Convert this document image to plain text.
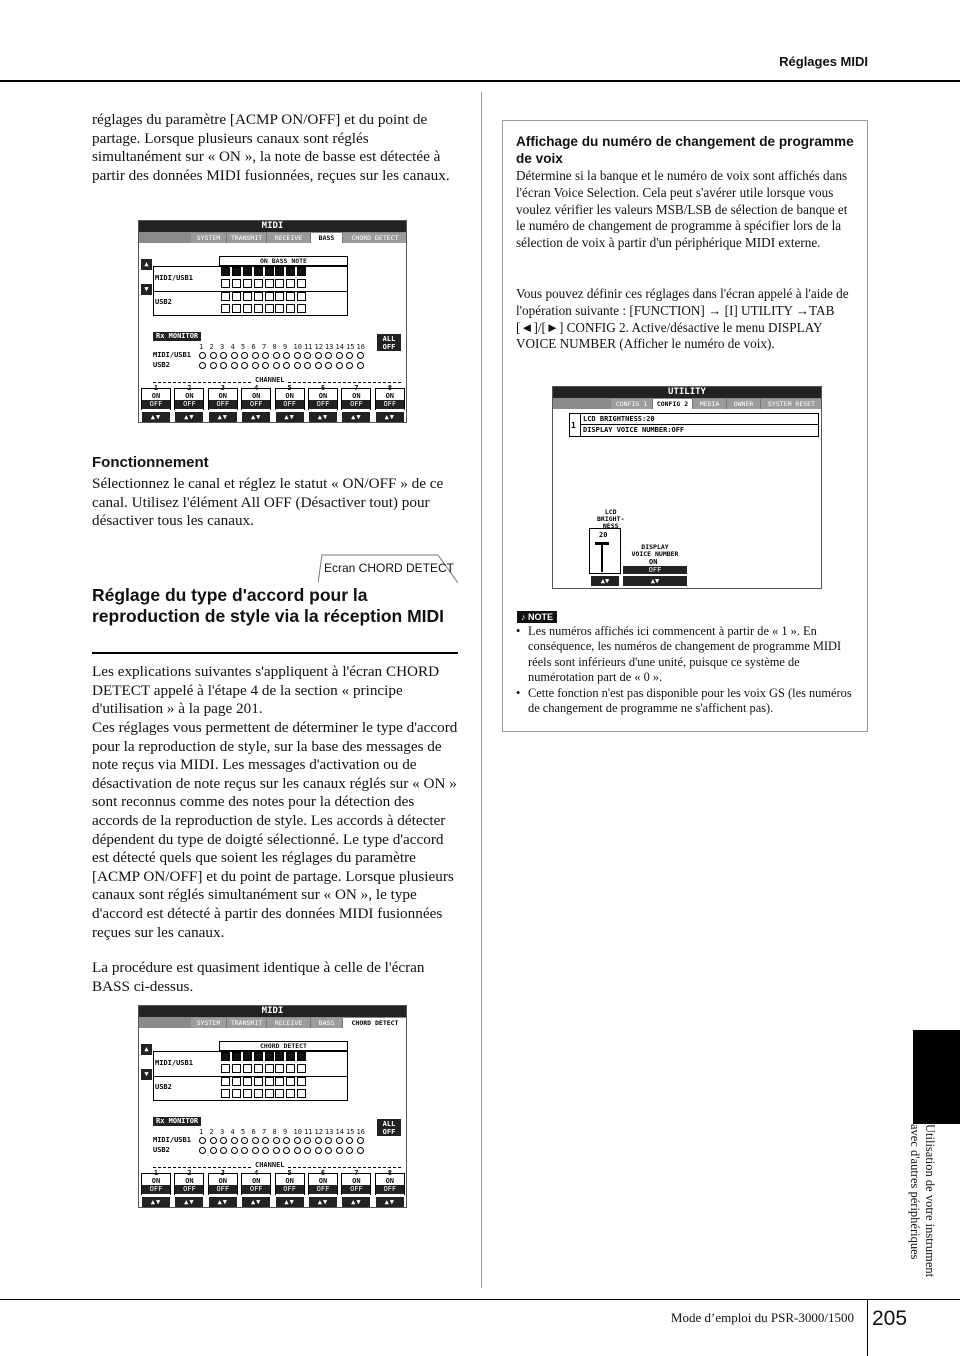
Réglages MIDI
réglages du paramètre [ACMP ON/OFF] et du point de partage. Lorsque plusieurs canaux sont réglés simultanément sur « ON », la note de basse est détectée à partir des données MIDI fusionnées, reçues sur les canaux.
MIDI
SYSTEM	TRANSMIT	RECEIVE	BASS	CHORD DETECT
▲
▼
ON BASS NOTE
MIDI/USB1
USB2
Rx MONITOR	ALL
OFF
1 2 3 4 5 6 7 8 9 10 11 12 13 14 15 16
MIDI/USB1
USB2
CHANNEL
1
ON
OFF
▲▼
2
ON
OFF
▲▼
3
ON
OFF
▲▼
4
ON
OFF
▲▼
5
ON
OFF
▲▼
6
ON
OFF
▲▼
7
ON
OFF
▲▼
8
ON
OFF
▲▼
Fonctionnement
Sélectionnez le canal et réglez le statut « ON/OFF » de ce canal. Utilisez l'élément All OFF (Désactiver tout) pour désactiver tous les canaux.
Ecran CHORD DETECT
Réglage du type d'accord pour la reproduction de style via la réception MIDI
Les explications suivantes s'appliquent à l'écran CHORD DETECT appelé à l'étape 4 de la section « principe d'utilisation » à la page 201.
Ces réglages vous permettent de déterminer le type d'accord pour la reproduction de style, sur la base des messages de note reçus via MIDI. Les messages d'activation ou de désactivation de note reçus sur les canaux réglés sur « ON » sont reconnus comme des notes pour la détection des accords de la reproduction de style. Les accords à détecter dépendent du type de doigté sélectionné. Le type d'accord est détecté quels que soient les réglages du paramètre [ACMP ON/OFF] et du point de partage. Lorsque plusieurs canaux sont réglés simultanément sur « ON », le type d'accord est détecté à partir des données MIDI fusionnées reçues sur les canaux.
La procédure est quasiment identique à celle de l'écran BASS ci-dessus.
MIDI
SYSTEM	TRANSMIT	RECEIVE	BASS	CHORD DETECT
▲
▼
CHORD DETECT
MIDI/USB1
USB2
Rx MONITOR	ALL
OFF
1 2 3 4 5 6 7 8 9 10 11 12 13 14 15 16
MIDI/USB1
USB2
CHANNEL
1
ON
OFF
▲▼
2
ON
OFF
▲▼
3
ON
OFF
▲▼
4
ON
OFF
▲▼
5
ON
OFF
▲▼
6
ON
OFF
▲▼
7
ON
OFF
▲▼
8
ON
OFF
▲▼
Affichage du numéro de changement de programme de voix
Détermine si la banque et le numéro de voix sont affichés dans l'écran Voice Selection. Cela peut s'avérer utile lorsque vous voulez vérifier les valeurs MSB/LSB de sélection de banque et le numéro de changement de programme à spécifier lors de la sélection de voix à partir d'un périphérique MIDI externe.
Vous pouvez définir ces réglages dans l'écran appelé à l'aide de l'opération suivante : [FUNCTION] → [I] UTILITY →TAB [◄]/[►] CONFIG 2. Active/désactive le menu DISPLAY VOICE NUMBER (Afficher le numéro de voix).
UTILITY
CONFIG 1	CONFIG 2	MEDIA	OWNER	SYSTEM RESET
1
LCD BRIGHTNESS:20
DISPLAY VOICE NUMBER:OFF
LCD
BRIGHT-
NESS
20
▲▼
DISPLAY
VOICE NUMBER
ON
OFF
▲▼
♪ NOTE
• Les numéros affichés ici commencent à partir de « 1 ». En conséquence, les numéros de changement de programme MIDI réels sont inférieurs d'une unité, puisque ce système de numérotation part de « 0 ».
• Cette fonction n'est pas disponible pour les voix GS (les numéros de changement de programme ne s'affichent pas).
Utilisation de votre instrument
avec d'autres périphériques
Mode d’emploi du PSR-3000/1500 205
